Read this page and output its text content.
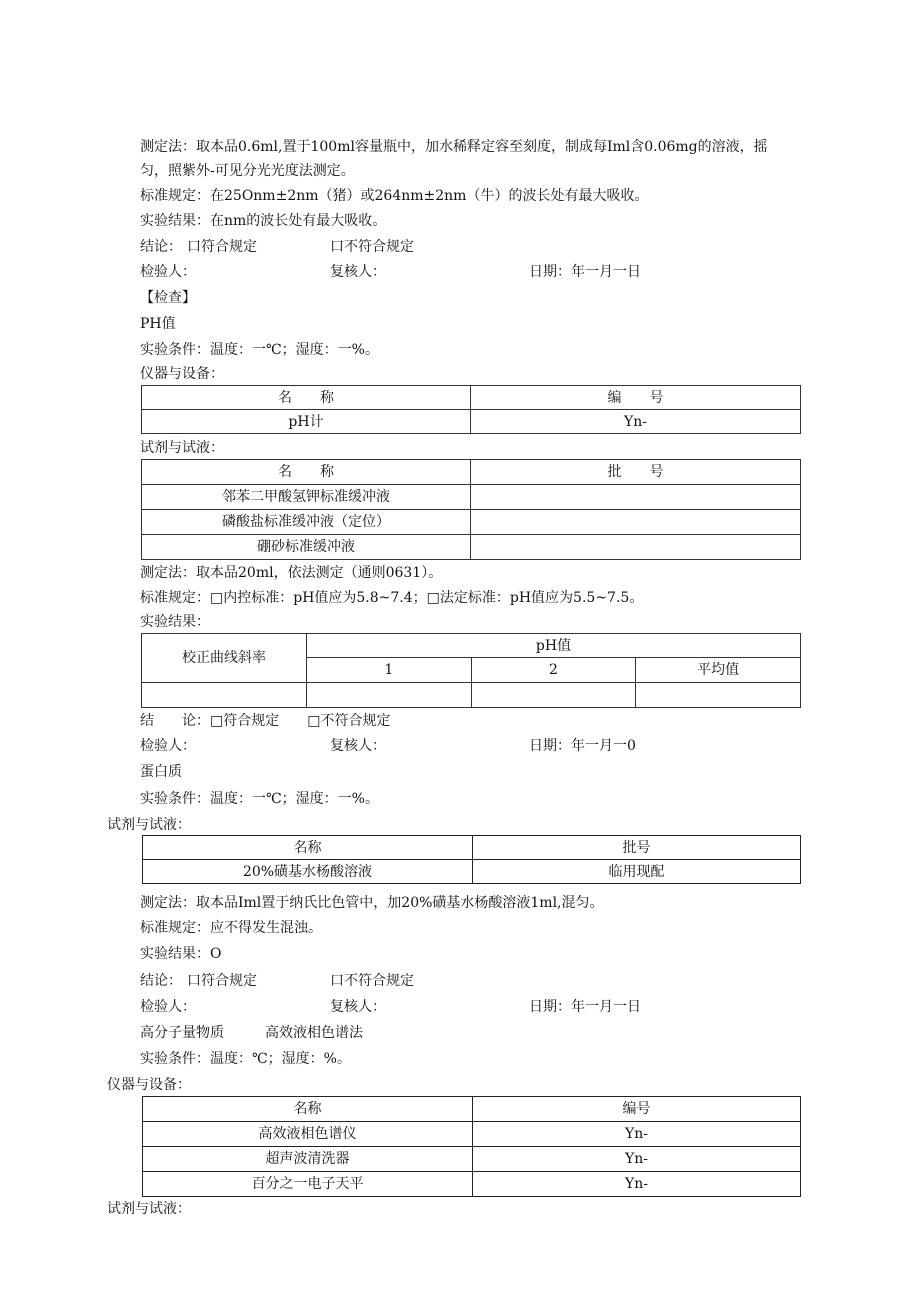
测定法：取本品0.6ml,置于100ml容量瓶中，加水稀释定容至刻度，制成每Iml含0.06mg的溶液，摇
匀，照紫外-可见分光光度法测定。
标准规定：在25Onm±2nm（猪）或264nm±2nm（牛）的波长处有最大吸收。
实验结果：在nm的波长处有最大吸收。
结论： 口符合规定	口不符合规定
检验人：	复核人：	日期：年一月一日
【检查】
PH值
实验条件：温度：一℃；湿度：一%。
仪器与设备：
名　　称	编　　号
pH计	Yn-
试剂与试液：
名　　称	批　　号
邻苯二甲酸氢钾标准缓冲液	
磷酸盐标准缓冲液（定位）	
硼砂标准缓冲液	
测定法：取本品20ml，依法测定（通则0631）。
标准规定：□内控标准：pH值应为5.8~7.4；□法定标准：pH值应为5.5~7.5。
实验结果：
校正曲线斜率	pH值		
	1	2	平均值

结　　论：□符合规定　　□不符合规定
检验人：	复核人：	日期：年一月一0
蛋白质
实验条件：温度：一℃；湿度：一%。
试剂与试液：
名称	批号
20%磺基水杨酸溶液	临用现配
测定法：取本品Iml置于纳氏比色管中，加20%磺基水杨酸溶液1ml,混匀。
标准规定：应不得发生混浊。
实验结果：O
结论： 口符合规定	口不符合规定
检验人：	复核人：	日期：年一月一日
高分子量物质	高效液相色谱法
实验条件：温度：℃；湿度：%。
仪器与设备：
名称	编号
高效液相色谱仪	Yn-
超声波清洗器	Yn-
百分之一电子天平	Yn-
试剂与试液：
